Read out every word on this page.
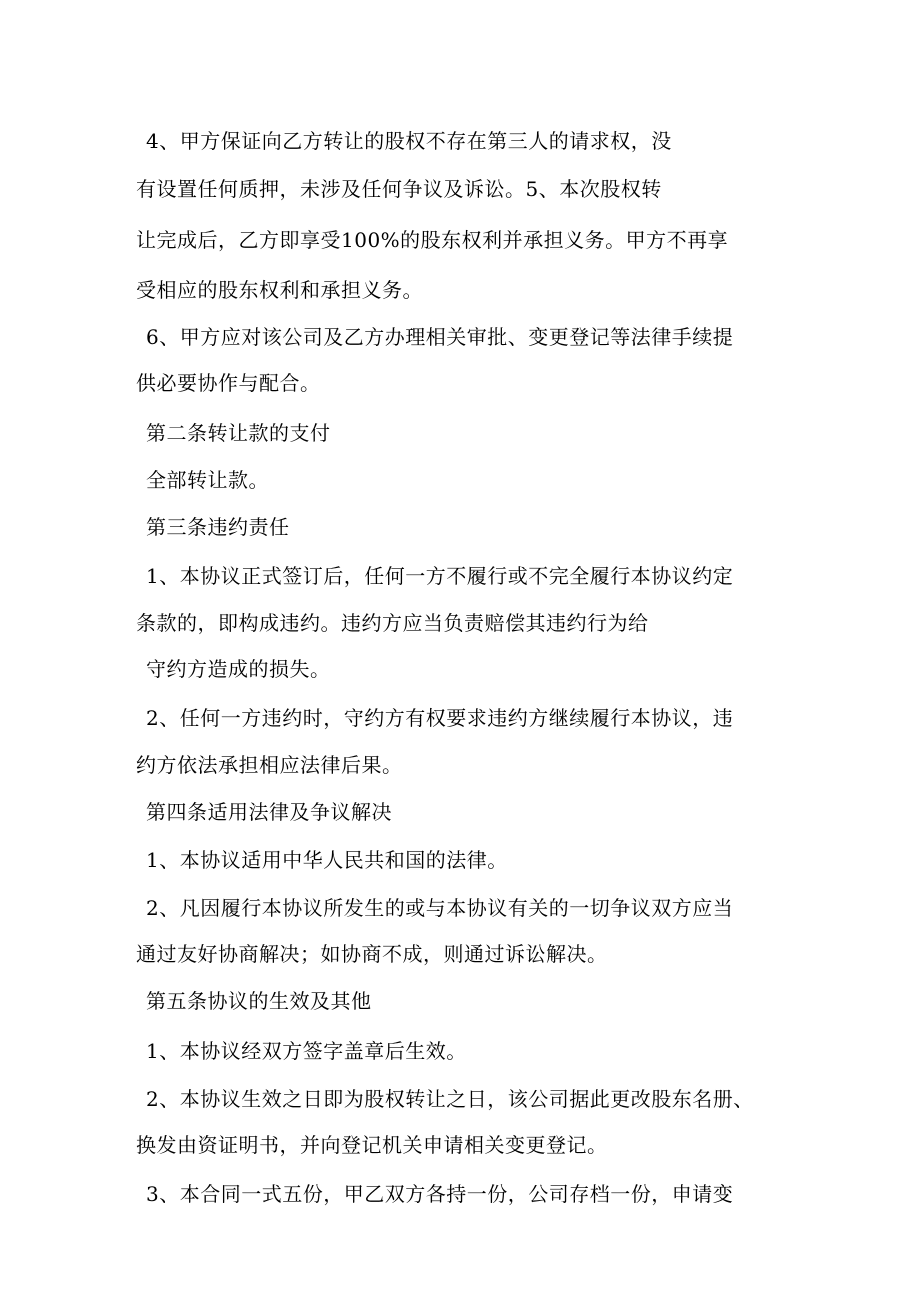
4、甲方保证向乙方转让的股权不存在第三人的请求权，没
有设置任何质押，未涉及任何争议及诉讼。5、本次股权转
让完成后，乙方即享受100%的股东权利并承担义务。甲方不再享
受相应的股东权利和承担义务。
6、甲方应对该公司及乙方办理相关审批、变更登记等法律手续提
供必要协作与配合。
第二条转让款的支付
全部转让款。
第三条违约责任
1、本协议正式签订后，任何一方不履行或不完全履行本协议约定
条款的，即构成违约。违约方应当负责赔偿其违约行为给
守约方造成的损失。
2、任何一方违约时，守约方有权要求违约方继续履行本协议，违
约方依法承担相应法律后果。
第四条适用法律及争议解决
1、本协议适用中华人民共和国的法律。
2、凡因履行本协议所发生的或与本协议有关的一切争议双方应当
通过友好协商解决；如协商不成，则通过诉讼解决。
第五条协议的生效及其他
1、本协议经双方签字盖章后生效。
2、本协议生效之日即为股权转让之日，该公司据此更改股东名册、
换发由资证明书，并向登记机关申请相关变更登记。
3、本合同一式五份，甲乙双方各持一份，公司存档一份，申请变
